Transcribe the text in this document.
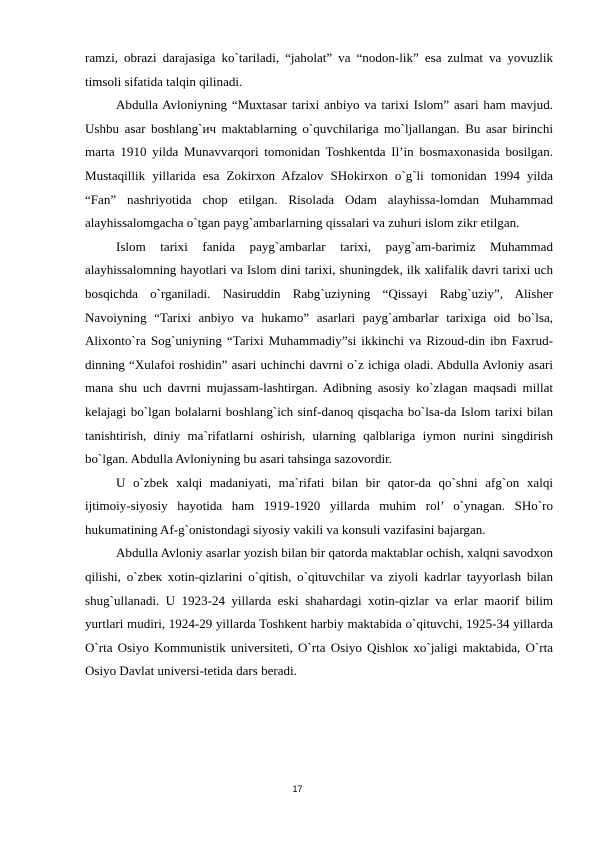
ramzi, obrazi darajasiga ko`tariladi, “jaholat” va “nodon-lik” esa zulmat va yovuzlik timsoli sifatida talqin qilinadi.

Abdulla Avloniyning “Muxtasar tarixi anbiyo va tarixi Islom” asari ham mavjud. Ushbu asar boshlang`ич maktablarning o`quvchilariga mo`ljallangan. Bu asar birinchi marta 1910 yilda Munavvarqori tomonidan Toshkentda Il’in bosmaxonasida bosilgan. Mustaqillik yillarida esa Zokirxon Afzalov SHokirxon o`g`li tomonidan 1994 yilda “Fan” nashriyotida chop etilgan. Risolada Odam alayhissa-lomdan Muhammad alayhissalomgacha o`tgan payg`ambarlarning qissalari va zuhuri islom zikr etilgan.

Islom tarixi fanida payg`ambarlar tarixi, payg`am-barimiz Muhammad alayhissalomning hayotlari va Islom dini tarixi, shuningdek, ilk xalifalik davri tarixi uch bosqichda o`rganiladi. Nasiruddin Rabg`uziyning “Qissayi Rabg`uziy”, Alisher Navoiyning “Tarixi anbiyo va hukamo” asarlari payg`ambarlar tarixiga oid bo`lsa, Alixonto`ra Sog`uniyning “Tarixi Muhammadiy”si ikkinchi va Rizoud-din ibn Faxrud-dinning “Xulafoi roshidin” asari uchinchi davrni o`z ichiga oladi. Abdulla Avloniy asari mana shu uch davrni mujassam-lashtirgan. Adibning asosiy ko`zlagan maqsadi millat kelajagi bo`lgan bolalarni boshlang`ich sinf-danoq qisqacha bo`lsa-da Islom tarixi bilan tanishtirish, diniy ma`rifatlarni oshirish, ularning qalblariga iymon nurini singdirish bo`lgan. Abdulla Avloniyning bu asari tahsinga sazovordir.

U o`zbek xalqi madaniyati, ma`rifati bilan bir qator-da qo`shni afg`on xalqi ijtimoiy-siyosiy hayotida ham 1919-1920 yillarda muhim rol’ o`ynagan. SHo`ro hukumatining Af-g`onistondagi siyosiy vakili va konsuli vazifasini bajargan.

Abdulla Avloniy asarlar yozish bilan bir qatorda maktablar ochish, xalqni savodxon qilishi, o`zbeк xotin-qizlarini o`qitish, o`qituvchilar va ziyoli kadrlar tayyorlash bilan shug`ullanadi. U 1923-24 yillarda eski shahardagi xotin-qizlar va erlar maorif bilim yurtlari mudiri, 1924-29 yillarda Toshkent harbiy maktabida o`qituvchi, 1925-34 yillarda O`rta Osiyo Kommunistik universiteti, O`rta Osiyo Qishloк xo`jaligi maktabida, O`rta Osiyo Davlat universi-tetida dars beradi.

17
